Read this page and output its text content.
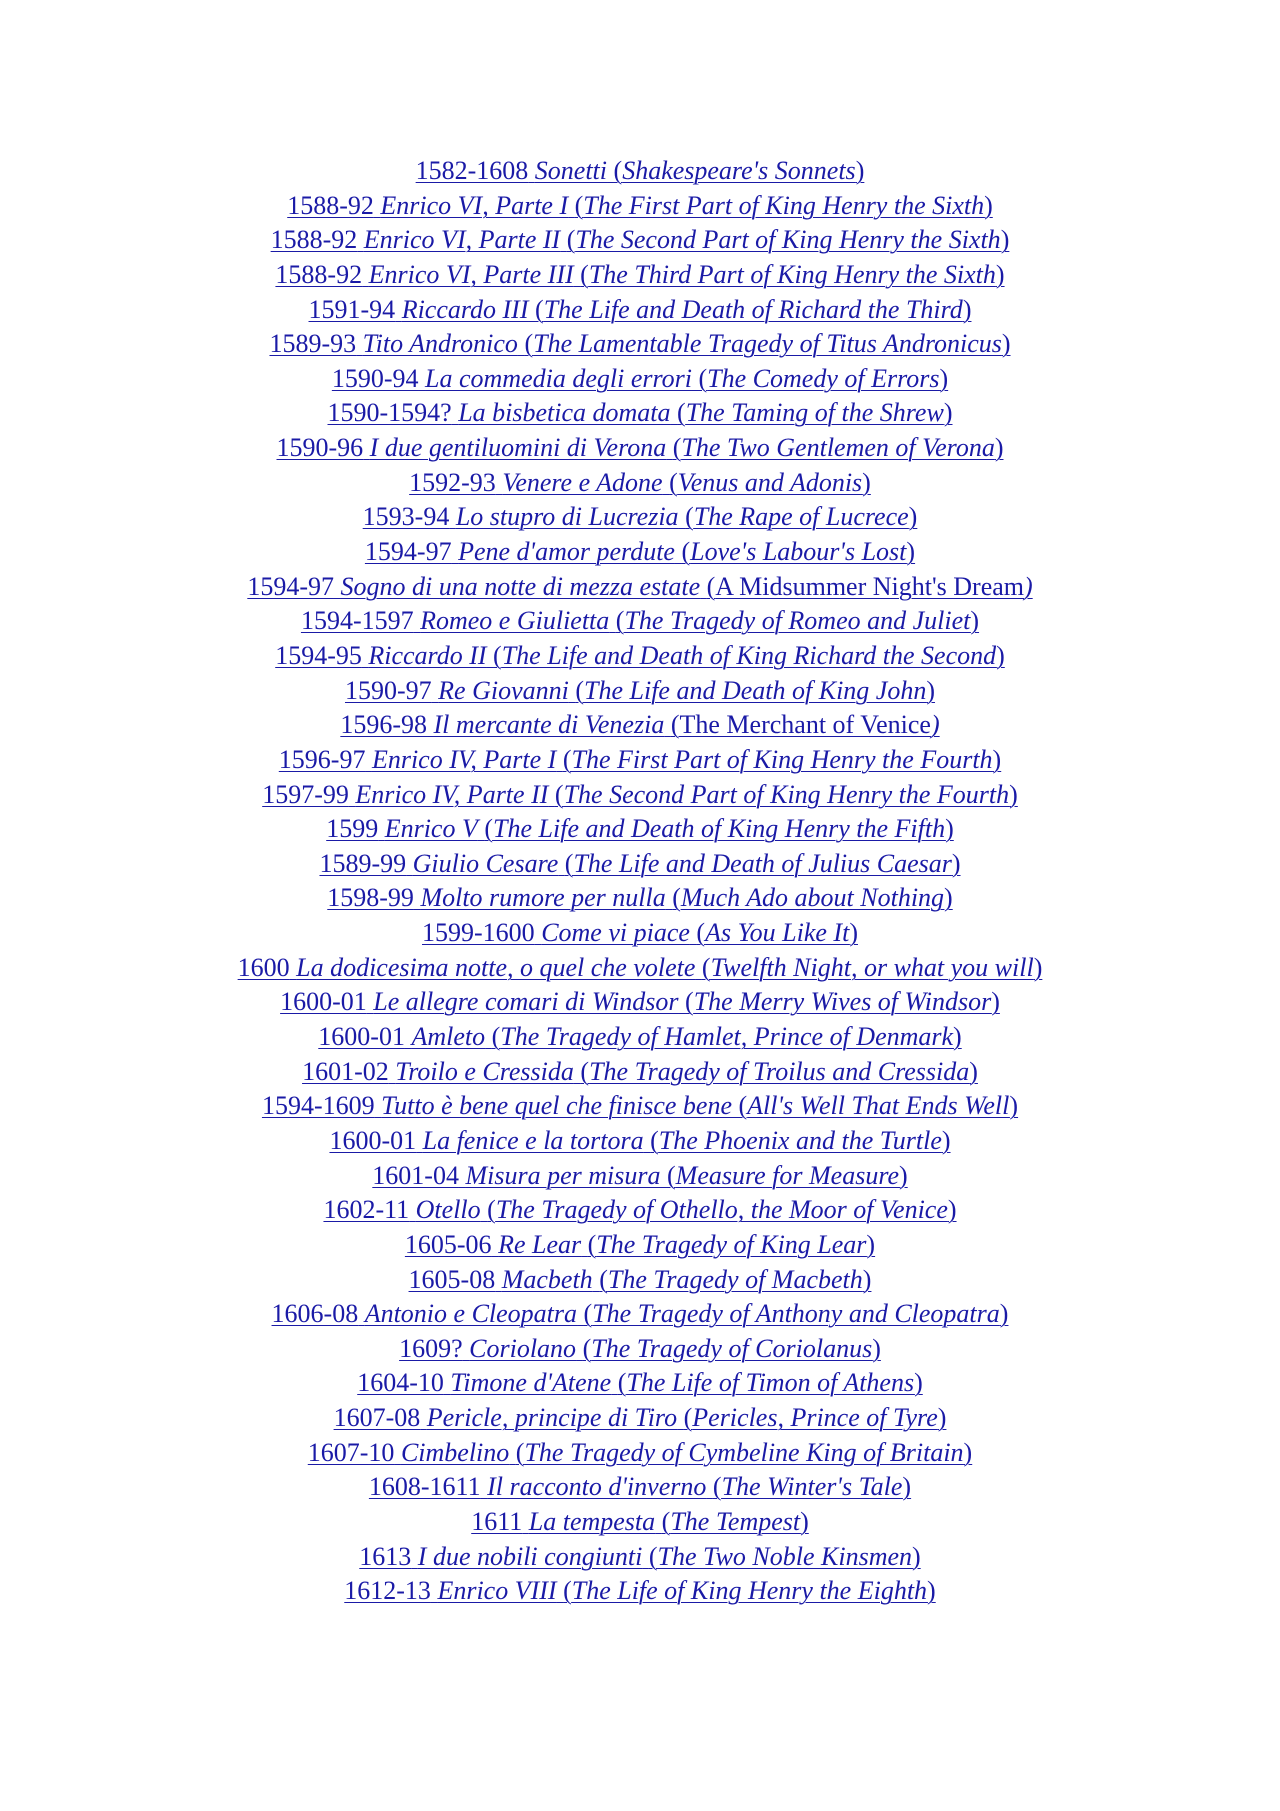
1582-1608 Sonetti (Shakespeare's Sonnets)
1588-92 Enrico VI, Parte I (The First Part of King Henry the Sixth)
1588-92 Enrico VI, Parte II (The Second Part of King Henry the Sixth)
1588-92 Enrico VI, Parte III (The Third Part of King Henry the Sixth)
1591-94 Riccardo III (The Life and Death of Richard the Third)
1589-93 Tito Andronico (The Lamentable Tragedy of Titus Andronicus)
1590-94 La commedia degli errori (The Comedy of Errors)
1590-1594? La bisbetica domata (The Taming of the Shrew)
1590-96 I due gentiluomini di Verona (The Two Gentlemen of Verona)
1592-93 Venere e Adone (Venus and Adonis)
1593-94 Lo stupro di Lucrezia (The Rape of Lucrece)
1594-97 Pene d'amor perdute (Love's Labour's Lost)
1594-97 Sogno di una notte di mezza estate (A Midsummer Night's Dream)
1594-1597 Romeo e Giulietta (The Tragedy of Romeo and Juliet)
1594-95 Riccardo II (The Life and Death of King Richard the Second)
1590-97 Re Giovanni (The Life and Death of King John)
1596-98 Il mercante di Venezia (The Merchant of Venice)
1596-97 Enrico IV, Parte I (The First Part of King Henry the Fourth)
1597-99 Enrico IV, Parte II (The Second Part of King Henry the Fourth)
1599 Enrico V (The Life and Death of King Henry the Fifth)
1589-99 Giulio Cesare (The Life and Death of Julius Caesar)
1598-99 Molto rumore per nulla (Much Ado about Nothing)
1599-1600 Come vi piace (As You Like It)
1600 La dodicesima notte, o quel che volete (Twelfth Night, or what you will)
1600-01 Le allegre comari di Windsor (The Merry Wives of Windsor)
1600-01 Amleto (The Tragedy of Hamlet, Prince of Denmark)
1601-02 Troilo e Cressida (The Tragedy of Troilus and Cressida)
1594-1609 Tutto è bene quel che finisce bene (All's Well That Ends Well)
1600-01 La fenice e la tortora (The Phoenix and the Turtle)
1601-04 Misura per misura (Measure for Measure)
1602-11 Otello (The Tragedy of Othello, the Moor of Venice)
1605-06 Re Lear (The Tragedy of King Lear)
1605-08 Macbeth (The Tragedy of Macbeth)
1606-08 Antonio e Cleopatra (The Tragedy of Anthony and Cleopatra)
1609? Coriolano (The Tragedy of Coriolanus)
1604-10 Timone d'Atene (The Life of Timon of Athens)
1607-08 Pericle, principe di Tiro (Pericles, Prince of Tyre)
1607-10 Cimbelino (The Tragedy of Cymbeline King of Britain)
1608-1611 Il racconto d'inverno (The Winter's Tale)
1611 La tempesta (The Tempest)
1613 I due nobili congiunti (The Two Noble Kinsmen)
1612-13 Enrico VIII (The Life of King Henry the Eighth)
